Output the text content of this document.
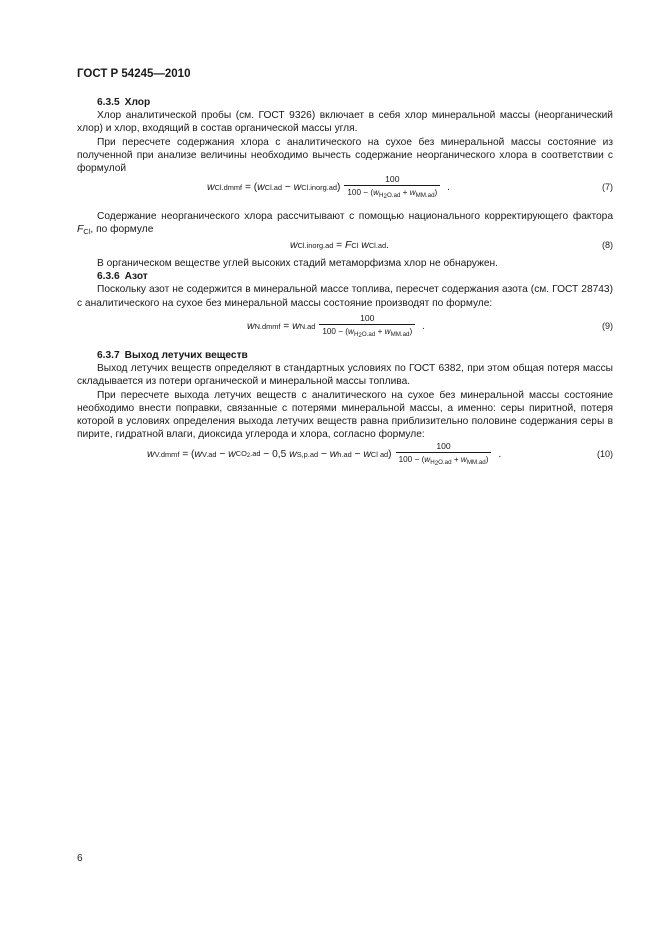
ГОСТ Р 54245—2010

6.3.5 Хлор

Хлор аналитической пробы (см. ГОСТ 9326) включает в себя хлор минеральной массы (неорганический хлор) и хлор, входящий в состав органической массы угля.

При пересчете содержания хлора с аналитического на сухое без минеральной массы состояние из полученной при анализе величины необходимо вычесть содержание неорганического хлора в соответствии с формулой

w Cl.dmmf = ( w Cl.ad − w Cl.inorg.ad ) $\frac{100}{100 - (w_{H_2O.ad} + w_{MM.ad})}$ .	(7)

Содержание неорганического хлора рассчитывают с помощью национального корректирующего фактора $F_{Cl}$, по формуле

w Cl.inorg.ad = F Cl
w Cl.ad .	(8)

В органическом веществе углей высоких стадий метаморфизма хлор не обнаружен.

6.3.6 Азот

Поскольку азот не содержится в минеральной массе топлива, пересчет содержания азота (см. ГОСТ 28743) с аналитического на сухое без минеральной массы состояние производят по формуле:

w N.dmmf = w $N.ad \frac{100}{100 - (w_{H_2O.ad} + w_{MM.ad})}$ .	(9)

6.3.7 Выход летучих веществ

Выход летучих веществ определяют в стандартных условиях по ГОСТ 6382, при этом общая потеря массы складывается из потери органической и минеральной массы топлива.

При пересчете выхода летучих веществ с аналитического на сухое без минеральной массы состояние необходимо внести поправки, связанные с потерями минеральной массы, а именно: серы пиритной, потеря которой в условиях определения выхода летучих веществ равна приблизительно половине содержания серы в пирите, гидратной влаги, диоксида углерода и хлора, согласно формуле:

w V.dmmf = ( w V.ad − w $CO_2.ad - 0,5$
w S,p.ad − w h.ad − w Cl ad ) $\frac{100}{100 - (w_{H_2O.ad} + w_{MM.ad})}$ .	(10)
6
